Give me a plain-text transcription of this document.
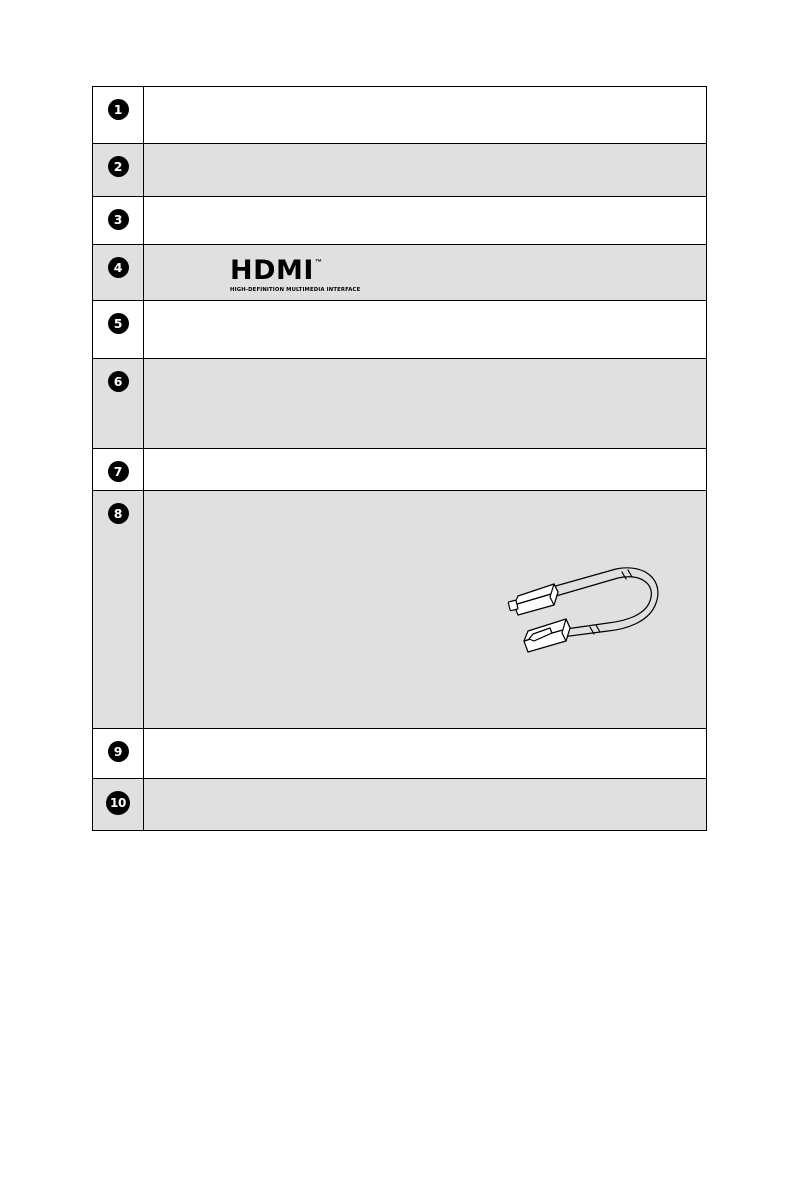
1	

2	

3	

4	HDMI™
HIGH-DEFINITION MULTIMEDIA INTERFACE

5	

6	

7	

8

9	

10	
